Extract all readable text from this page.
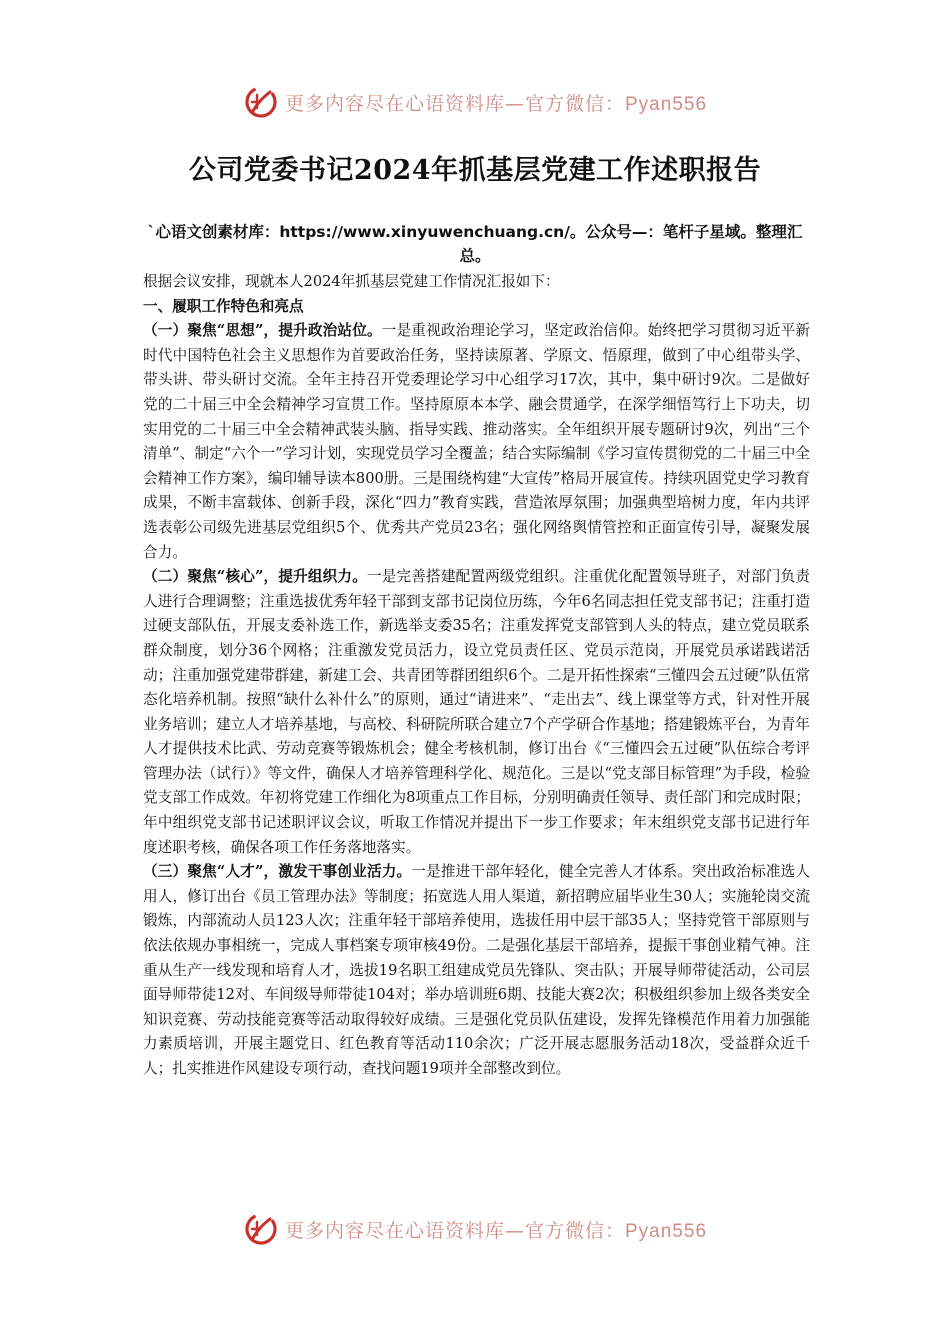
更多内容尽在心语资料库—官方微信：Pyan556
公司党委书记2024年抓基层党建工作述职报告
`心语文创素材库：https://www.xinyuwenchuang.cn/。公众号—：笔杆子星域。整理汇总。

根据会议安排，现就本人2024年抓基层党建工作情况汇报如下：

一、履职工作特色和亮点

（一）聚焦“思想”，提升政治站位。一是重视政治理论学习，坚定政治信仰。始终把学习贯彻习近平新时代中国特色社会主义思想作为首要政治任务，坚持读原著、学原文、悟原理，做到了中心组带头学、带头讲、带头研讨交流。全年主持召开党委理论学习中心组学习17次，其中，集中研讨9次。二是做好党的二十届三中全会精神学习宣贯工作。坚持原原本本学、融会贯通学，在深学细悟笃行上下功夫，切实用党的二十届三中全会精神武装头脑、指导实践、推动落实。全年组织开展专题研讨9次，列出“三个清单”、制定“六个一”学习计划，实现党员学习全覆盖；结合实际编制《学习宣传贯彻党的二十届三中全会精神工作方案》，编印辅导读本800册。三是围绕构建“大宣传”格局开展宣传。持续巩固党史学习教育成果，不断丰富载体、创新手段，深化“四力”教育实践，营造浓厚氛围；加强典型培树力度，年内共评选表彰公司级先进基层党组织5个、优秀共产党员23名；强化网络舆情管控和正面宣传引导，凝聚发展合力。

（二）聚焦“核心”，提升组织力。一是完善搭建配置两级党组织。注重优化配置领导班子，对部门负责人进行合理调整；注重选拔优秀年轻干部到支部书记岗位历练，今年6名同志担任党支部书记；注重打造过硬支部队伍，开展支委补选工作，新选举支委35名；注重发挥党支部管到人头的特点，建立党员联系群众制度，划分36个网格；注重激发党员活力，设立党员责任区、党员示范岗，开展党员承诺践诺活动；注重加强党建带群建，新建工会、共青团等群团组织6个。二是开拓性探索“三懂四会五过硬”队伍常态化培养机制。按照“缺什么补什么”的原则，通过“请进来”、“走出去”、线上课堂等方式，针对性开展业务培训；建立人才培养基地，与高校、科研院所联合建立7个产学研合作基地；搭建锻炼平台，为青年人才提供技术比武、劳动竞赛等锻炼机会；健全考核机制，修订出台《“三懂四会五过硬”队伍综合考评管理办法（试行）》等文件，确保人才培养管理科学化、规范化。三是以“党支部目标管理”为手段，检验党支部工作成效。年初将党建工作细化为8项重点工作目标，分别明确责任领导、责任部门和完成时限；年中组织党支部书记述职评议会议，听取工作情况并提出下一步工作要求；年末组织党支部书记进行年度述职考核，确保各项工作任务落地落实。

（三）聚焦“人才”，激发干事创业活力。一是推进干部年轻化，健全完善人才体系。突出政治标准选人用人，修订出台《员工管理办法》等制度；拓宽选人用人渠道，新招聘应届毕业生30人；实施轮岗交流锻炼，内部流动人员123人次；注重年轻干部培养使用，选拔任用中层干部35人；坚持党管干部原则与依法依规办事相统一，完成人事档案专项审核49份。二是强化基层干部培养，提振干事创业精气神。注重从生产一线发现和培育人才，选拔19名职工组建成党员先锋队、突击队；开展导师带徒活动，公司层面导师带徒12对、车间级导师带徒104对；举办培训班6期、技能大赛2次；积极组织参加上级各类安全知识竞赛、劳动技能竞赛等活动取得较好成绩。三是强化党员队伍建设，发挥先锋模范作用着力加强能力素质培训，开展主题党日、红色教育等活动110余次；广泛开展志愿服务活动18次，受益群众近千人；扎实推进作风建设专项行动，查找问题19项并全部整改到位。

更多内容尽在心语资料库—官方微信：Pyan556
